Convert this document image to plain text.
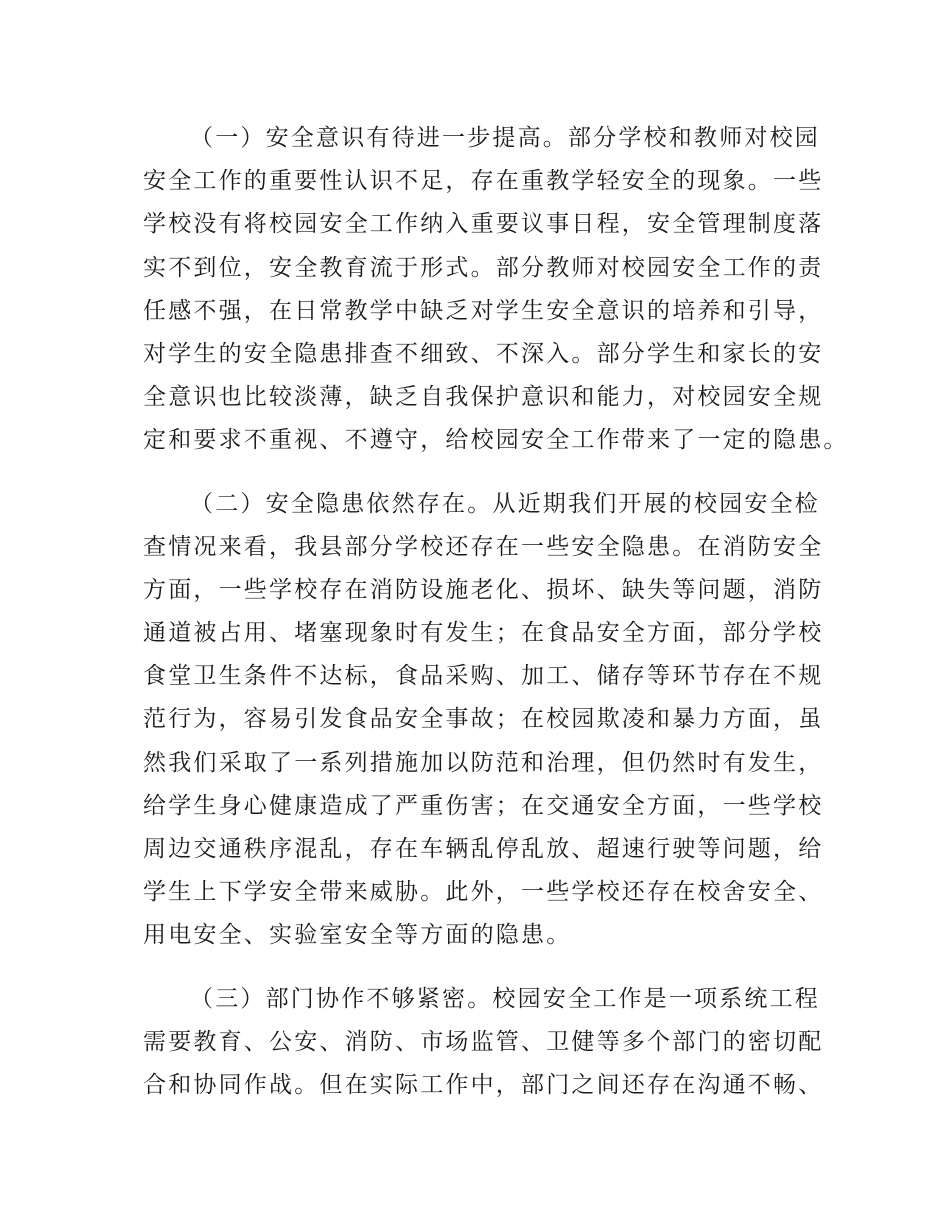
（一）安全意识有待进一步提高。部分学校和教师对校园
安全工作的重要性认识不足，存在重教学轻安全的现象。一些
学校没有将校园安全工作纳入重要议事日程，安全管理制度落
实不到位，安全教育流于形式。部分教师对校园安全工作的责
任感不强，在日常教学中缺乏对学生安全意识的培养和引导，
对学生的安全隐患排查不细致、不深入。部分学生和家长的安
全意识也比较淡薄，缺乏自我保护意识和能力，对校园安全规
定和要求不重视、不遵守，给校园安全工作带来了一定的隐患。

（二）安全隐患依然存在。从近期我们开展的校园安全检
查情况来看，我县部分学校还存在一些安全隐患。在消防安全
方面，一些学校存在消防设施老化、损坏、缺失等问题，消防
通道被占用、堵塞现象时有发生；在食品安全方面，部分学校
食堂卫生条件不达标，食品采购、加工、储存等环节存在不规
范行为，容易引发食品安全事故；在校园欺凌和暴力方面，虽
然我们采取了一系列措施加以防范和治理，但仍然时有发生，
给学生身心健康造成了严重伤害；在交通安全方面，一些学校
周边交通秩序混乱，存在车辆乱停乱放、超速行驶等问题，给
学生上下学安全带来威胁。此外，一些学校还存在校舍安全、
用电安全、实验室安全等方面的隐患。

（三）部门协作不够紧密。校园安全工作是一项系统工程
需要教育、公安、消防、市场监管、卫健等多个部门的密切配
合和协同作战。但在实际工作中，部门之间还存在沟通不畅、
